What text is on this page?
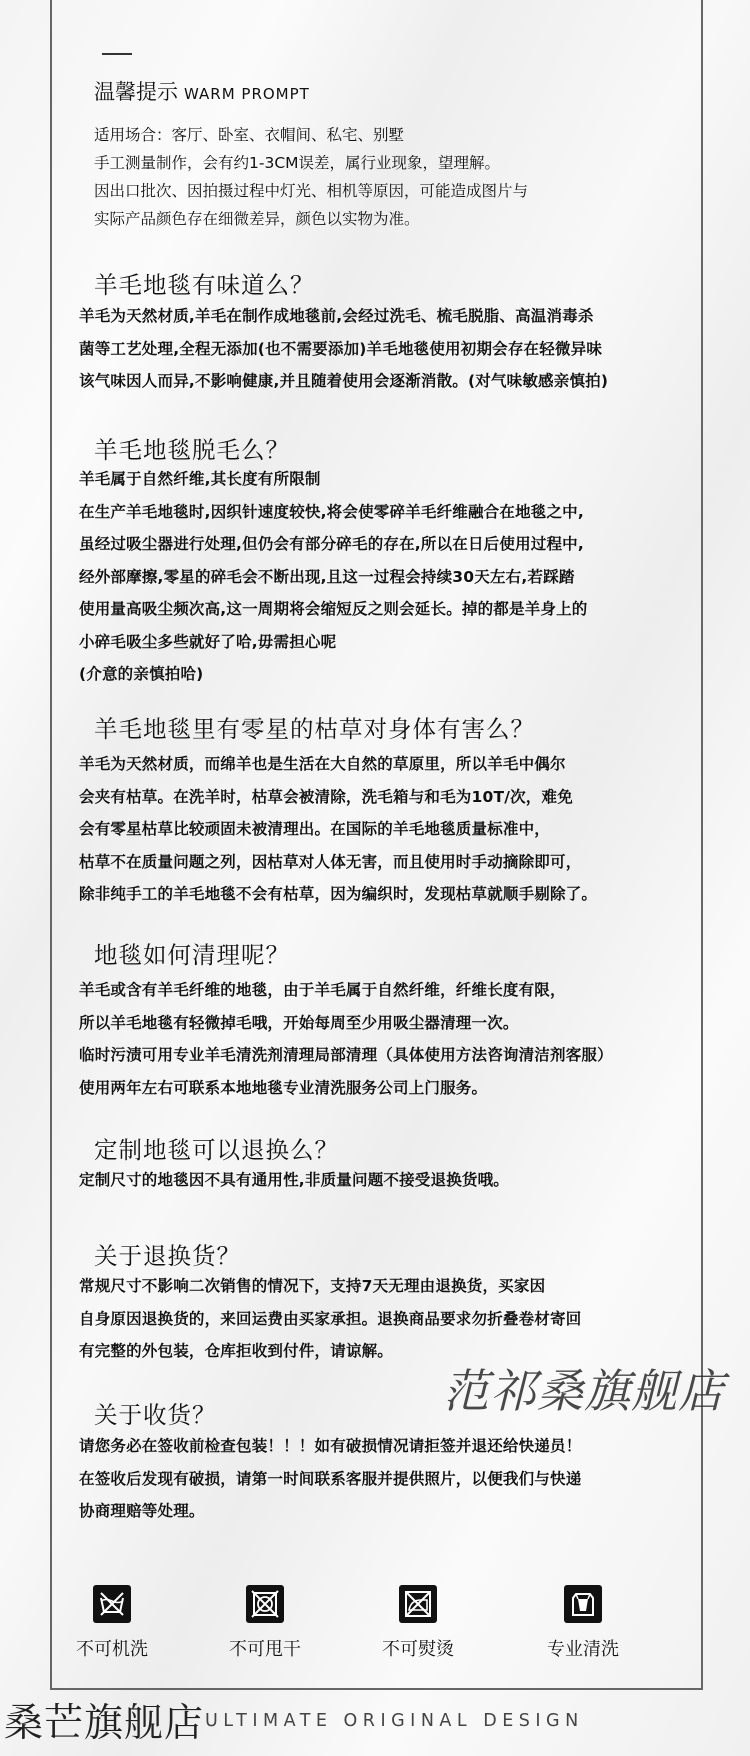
温馨提示 WARM PROMPT
适用场合：客厅、卧室、衣帽间、私宅、别墅
手工测量制作，会有约1-3CM误差，属行业现象，望理解。
因出口批次、因拍摄过程中灯光、相机等原因，可能造成图片与
实际产品颜色存在细微差异，颜色以实物为准。
羊毛地毯有味道么？
羊毛为天然材质,羊毛在制作成地毯前,会经过洗毛、梳毛脱脂、高温消毒杀
菌等工艺处理,全程无添加(也不需要添加)羊毛地毯使用初期会存在轻微异味
该气味因人而异,不影响健康,并且随着使用会逐渐消散。(对气味敏感亲慎拍)
羊毛地毯脱毛么？
羊毛属于自然纤维,其长度有所限制
在生产羊毛地毯时,因织针速度较快,将会使零碎羊毛纤维融合在地毯之中,
虽经过吸尘器进行处理,但仍会有部分碎毛的存在,所以在日后使用过程中,
经外部摩擦,零星的碎毛会不断出现,且这一过程会持续30天左右,若踩踏
使用量高吸尘频次高,这一周期将会缩短反之则会延长。掉的都是羊身上的
小碎毛吸尘多些就好了哈,毋需担心呢
(介意的亲慎拍哈)
羊毛地毯里有零星的枯草对身体有害么？
羊毛为天然材质，而绵羊也是生活在大自然的草原里，所以羊毛中偶尔
会夹有枯草。在洗羊时，枯草会被清除，洗毛箱与和毛为10T/次，难免
会有零星枯草比较顽固未被清理出。在国际的羊毛地毯质量标准中，
枯草不在质量问题之列，因枯草对人体无害，而且使用时手动摘除即可，
除非纯手工的羊毛地毯不会有枯草，因为编织时，发现枯草就顺手剔除了。
地毯如何清理呢？
羊毛或含有羊毛纤维的地毯，由于羊毛属于自然纤维，纤维长度有限，
所以羊毛地毯有轻微掉毛哦，开始每周至少用吸尘器清理一次。
临时污渍可用专业羊毛清洗剂清理局部清理（具体使用方法咨询清洁剂客服）
使用两年左右可联系本地地毯专业清洗服务公司上门服务。
定制地毯可以退换么？
定制尺寸的地毯因不具有通用性,非质量问题不接受退换货哦。
关于退换货？
常规尺寸不影响二次销售的情况下，支持7天无理由退换货，买家因
自身原因退换货的，来回运费由买家承担。退换商品要求勿折叠卷材寄回
有完整的外包装，仓库拒收到付件，请谅解。
关于收货？
请您务必在签收前检查包装！！！如有破损情况请拒签并退还给快递员！
在签收后发现有破损，请第一时间联系客服并提供照片，以便我们与快递
协商理赔等处理。
范祁桑旗舰店
不可机洗	不可甩干	不可熨烫	专业清洗
ULTIMATE ORIGINAL DESIGN
桑芒旗舰店
